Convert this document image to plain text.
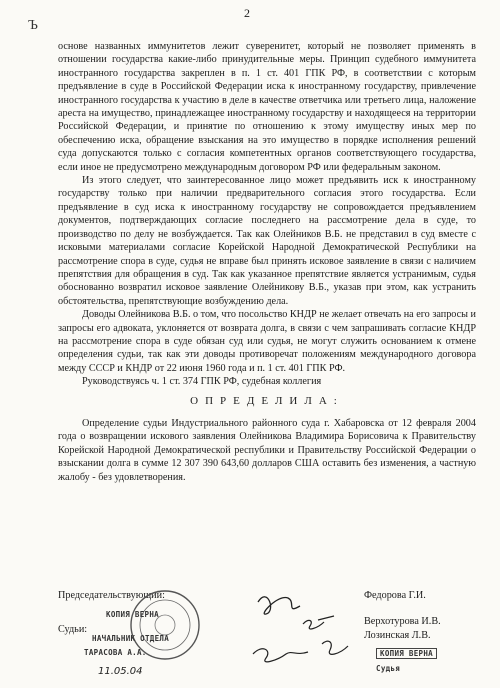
2
Ъ

основе названных иммунитетов лежит суверенитет, который не позволяет применять в отношении государства какие-либо принудительные меры. Принцип судебного иммунитета иностранного государства закреплен в п. 1 ст. 401 ГПК РФ, в соответствии с которым предъявление в суде в Российской Федерации иска к иностранному государству, привлечение иностранного государства к участию в деле в качестве ответчика или третьего лица, наложение ареста на имущество, принадлежащее иностранному государству и находящееся на территории Российской Федерации, и принятие по отношению к этому имуществу иных мер по обеспечению иска, обращение взыскания на это имущество в порядке исполнения решений суда допускаются только с согласия компетентных органов соответствующего государства, если иное не предусмотрено международным договором РФ или федеральным законом.

Из этого следует, что заинтересованное лицо может предъявить иск к иностранному государству только при наличии предварительного согласия этого государства. Если предъявление в суд иска к иностранному государству не сопровождается предъявлением документов, подтверждающих согласие последнего на рассмотрение дела в суде, то производство по делу не возбуждается. Так как Олейников В.Б. не представил в суд вместе с исковыми материалами согласие Корейской Народной Демократической Республики на рассмотрение спора в суде, судья не вправе был принять исковое заявление в связи с наличием препятствия для обращения в суд. Так как указанное препятствие является устранимым, судья обоснованно возвратил исковое заявление Олейникову В.Б., указав при этом, как устранить обстоятельства, препятствующие возбуждению дела.

Доводы Олейникова В.Б. о том, что посольство КНДР не желает отвечать на его запросы и запросы его адвоката, уклоняется от возврата долга, в связи с чем запрашивать согласие КНДР на рассмотрение спора в суде обязан суд или судья, не могут служить основанием к отмене определения судьи, так как эти доводы противоречат положениям международного договора между СССР и КНДР от 22 июня 1960 года и п. 1 ст. 401 ГПК РФ.

Руководствуясь ч. 1 ст. 374 ГПК РФ, судебная коллегия

ОПРЕДЕЛИЛА:

Определение судьи Индустриального районного суда г. Хабаровска от 12 февраля 2004 года о возвращении искового заявления Олейникова Владимира Борисовича к Правительству Корейской Народной Демократической республики и Правительству Российской Федерации о взыскании долга в сумме 12 307 390 643,60 долларов США оставить без изменения, а частную жалобу - без удовлетворения.

Председательствующий:	Федорова Г.И.
Судьи:
Верхотурова И.В.
Лозинская Л.В.
КОПИЯ ВЕРНА
НАЧАЛЬНИК ОТДЕЛА
ТАРАСОВА А.А.
11.05.04
КОПИЯ ВЕРНА
Судья
